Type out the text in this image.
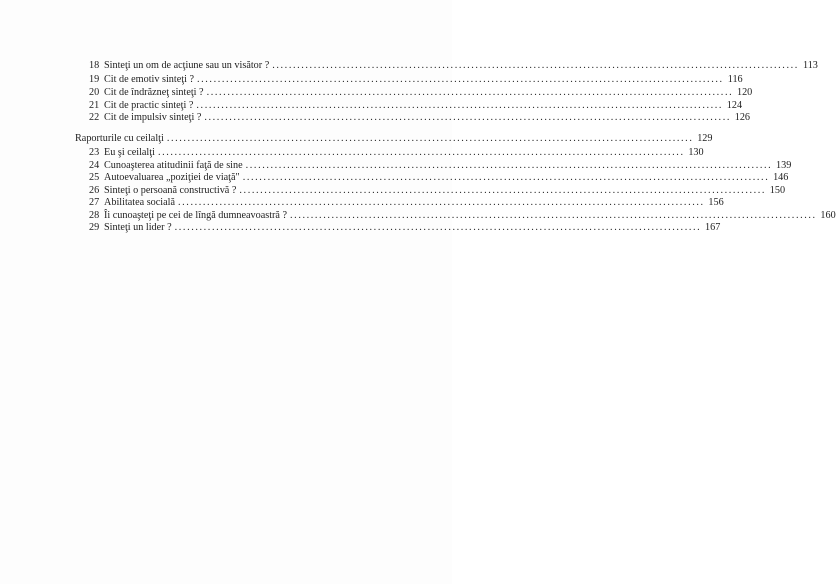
18 Sinteţi un om de acţiune sau un visător ? ............................................................................................................................... 113
19 Cit de emotiv sinteţi ? ............................................................................................................................... 116
20 Cit de îndrăzneţ sinteţi ? ............................................................................................................................... 120
21 Cit de practic sinteţi ? ............................................................................................................................... 124
22 Cit de impulsiv sinteţi ? ............................................................................................................................... 126
Raporturile cu ceilalţi ............................................................................................................................... 129
23 Eu şi ceilalţi ............................................................................................................................... 130
24 Cunoaşterea atitudinii faţă de sine ............................................................................................................................... 139
25 Autoevaluarea „poziţiei de viaţă" ............................................................................................................................... 146
26 Sinteţi o persoană constructivă ? ............................................................................................................................... 150
27 Abilitatea socială ............................................................................................................................... 156
28 Îi cunoaşteţi pe cei de lîngă dumneavoastră ? ............................................................................................................................... 160
29 Sinteţi un lider ? ............................................................................................................................... 167
